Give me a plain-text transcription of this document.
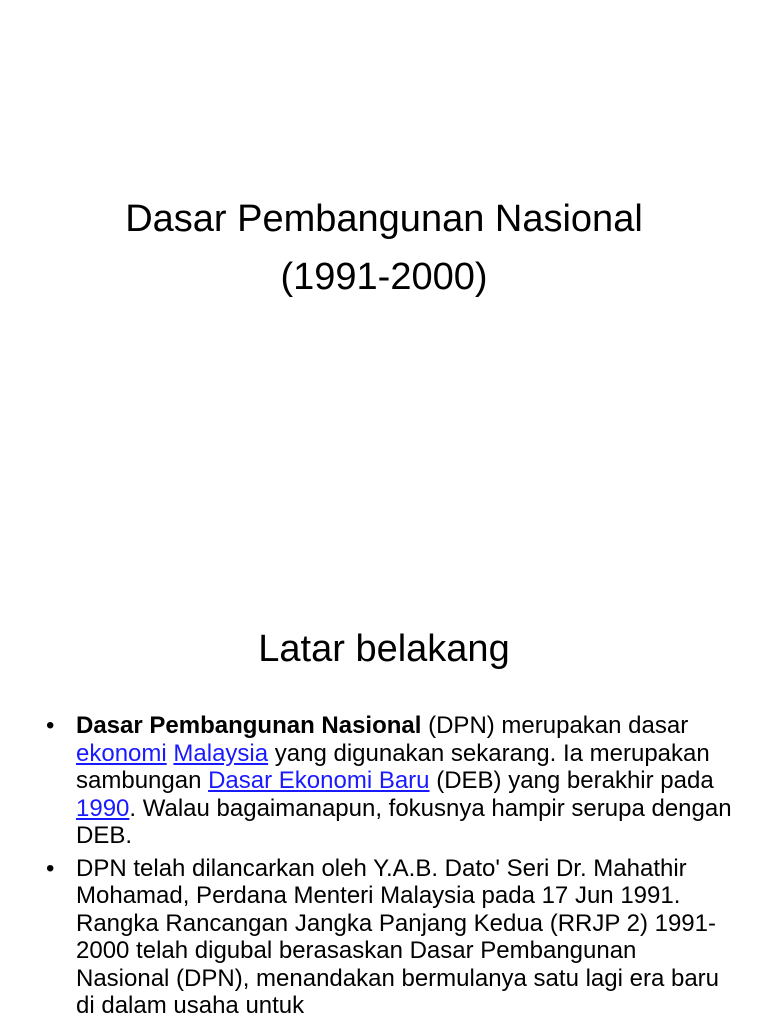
Dasar Pembangunan Nasional
(1991-2000)
Latar belakang
• Dasar Pembangunan Nasional (DPN) merupakan dasar ekonomi Malaysia yang digunakan sekarang. Ia merupakan sambungan Dasar Ekonomi Baru (DEB) yang berakhir pada 1990. Walau bagaimanapun, fokusnya hampir serupa dengan DEB.
• DPN telah dilancarkan oleh Y.A.B. Dato' Seri Dr. Mahathir Mohamad, Perdana Menteri Malaysia pada 17 Jun 1991. Rangka Rancangan Jangka Panjang Kedua (RRJP 2) 1991-2000 telah digubal berasaskan Dasar Pembangunan Nasional (DPN), menandakan bermulanya satu lagi era baru di dalam usaha untuk
